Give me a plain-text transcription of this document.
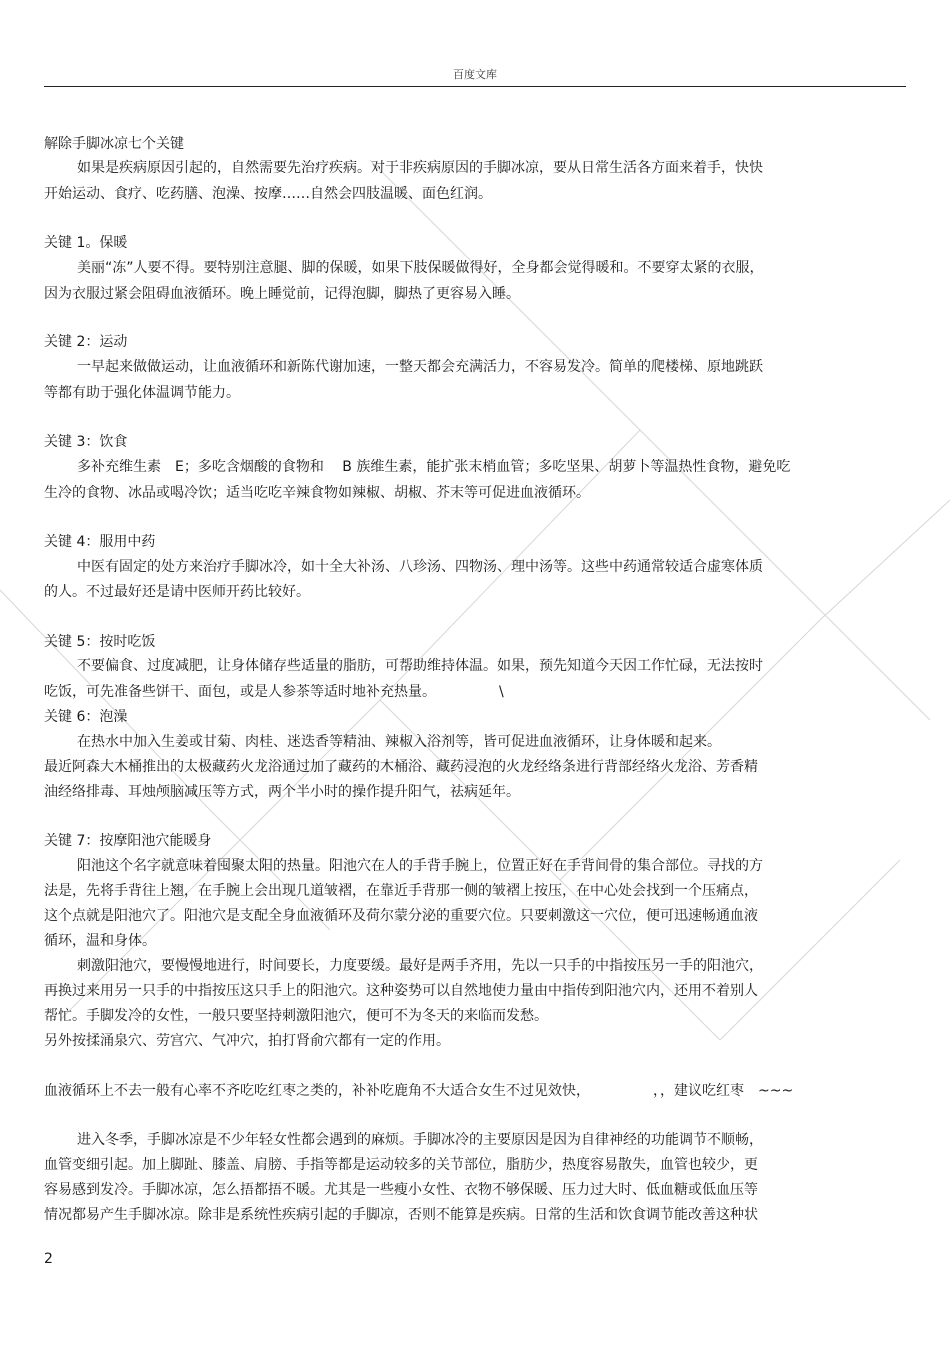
百度文库
解除手脚冰凉七个关键
如果是疾病原因引起的，自然需要先治疗疾病。对于非疾病原因的手脚冰凉，要从日常生活各方面来着手，快快
开始运动、食疗、吃药膳、泡澡、按摩……自然会四肢温暖、面色红润。
关键 1。保暖
美丽“冻”人要不得。要特别注意腿、脚的保暖，如果下肢保暖做得好，全身都会觉得暖和。不要穿太紧的衣服，
因为衣服过紧会阻碍血液循环。晚上睡觉前，记得泡脚，脚热了更容易入睡。
关键 2：运动
一早起来做做运动，让血液循环和新陈代谢加速，一整天都会充满活力，不容易发冷。简单的爬楼梯、原地跳跃
等都有助于强化体温调节能力。
关键 3：饮食
多补充维生素　E；多吃含烟酸的食物和　 B 族维生素，能扩张末梢血管；多吃坚果、胡萝卜等温热性食物，避免吃
生冷的食物、冰品或喝冷饮；适当吃吃辛辣食物如辣椒、胡椒、芥末等可促进血液循环。
关键 4：服用中药
中医有固定的处方来治疗手脚冰冷，如十全大补汤、八珍汤、四物汤、理中汤等。这些中药通常较适合虚寒体质
的人。不过最好还是请中医师开药比较好。
关键 5：按时吃饭
不要偏食、过度减肥，让身体储存些适量的脂肪，可帮助维持体温。如果，预先知道今天因工作忙碌，无法按时
吃饭，可先准备些饼干、面包，或是人参茶等适时地补充热量。　　　　　\
关键 6：泡澡
在热水中加入生姜或甘菊、肉桂、迷迭香等精油、辣椒入浴剂等，皆可促进血液循环，让身体暖和起来。
最近阿森大木桶推出的太极藏药火龙浴通过加了藏药的木桶浴、藏药浸泡的火龙经络条进行背部经络火龙浴、芳香精
油经络排毒、耳烛颅脑减压等方式，两个半小时的操作提升阳气，祛病延年。
关键 7：按摩阳池穴能暖身
阳池这个名字就意味着囤聚太阳的热量。阳池穴在人的手背手腕上，位置正好在手背间骨的集合部位。寻找的方
法是，先将手背往上翘，在手腕上会出现几道皱褶，在靠近手背那一侧的皱褶上按压，在中心处会找到一个压痛点，
这个点就是阳池穴了。阳池穴是支配全身血液循环及荷尔蒙分泌的重要穴位。只要刺激这一穴位，便可迅速畅通血液
循环，温和身体。
刺激阳池穴，要慢慢地进行，时间要长，力度要缓。最好是两手齐用，先以一只手的中指按压另一手的阳池穴，
再换过来用另一只手的中指按压这只手上的阳池穴。这种姿势可以自然地使力量由中指传到阳池穴内，还用不着别人
帮忙。手脚发冷的女性，一般只要坚持刺激阳池穴，便可不为冬天的来临而发愁。
另外按揉涌泉穴、劳宫穴、气冲穴，拍打肾俞穴都有一定的作用。
血液循环上不去一般有心率不齐吃吃红枣之类的，补补吃鹿角不大适合女生不过见效快，　　　　　，，建议吃红枣　~~~
进入冬季，手脚冰凉是不少年轻女性都会遇到的麻烦。手脚冰冷的主要原因是因为自律神经的功能调节不顺畅，
血管变细引起。加上脚趾、膝盖、肩膀、手指等都是运动较多的关节部位，脂肪少，热度容易散失，血管也较少，更
容易感到发冷。手脚冰凉，怎么捂都捂不暖。尤其是一些瘦小女性、衣物不够保暖、压力过大时、低血糖或低血压等
情况都易产生手脚冰凉。除非是系统性疾病引起的手脚凉，否则不能算是疾病。日常的生活和饮食调节能改善这种状
2
